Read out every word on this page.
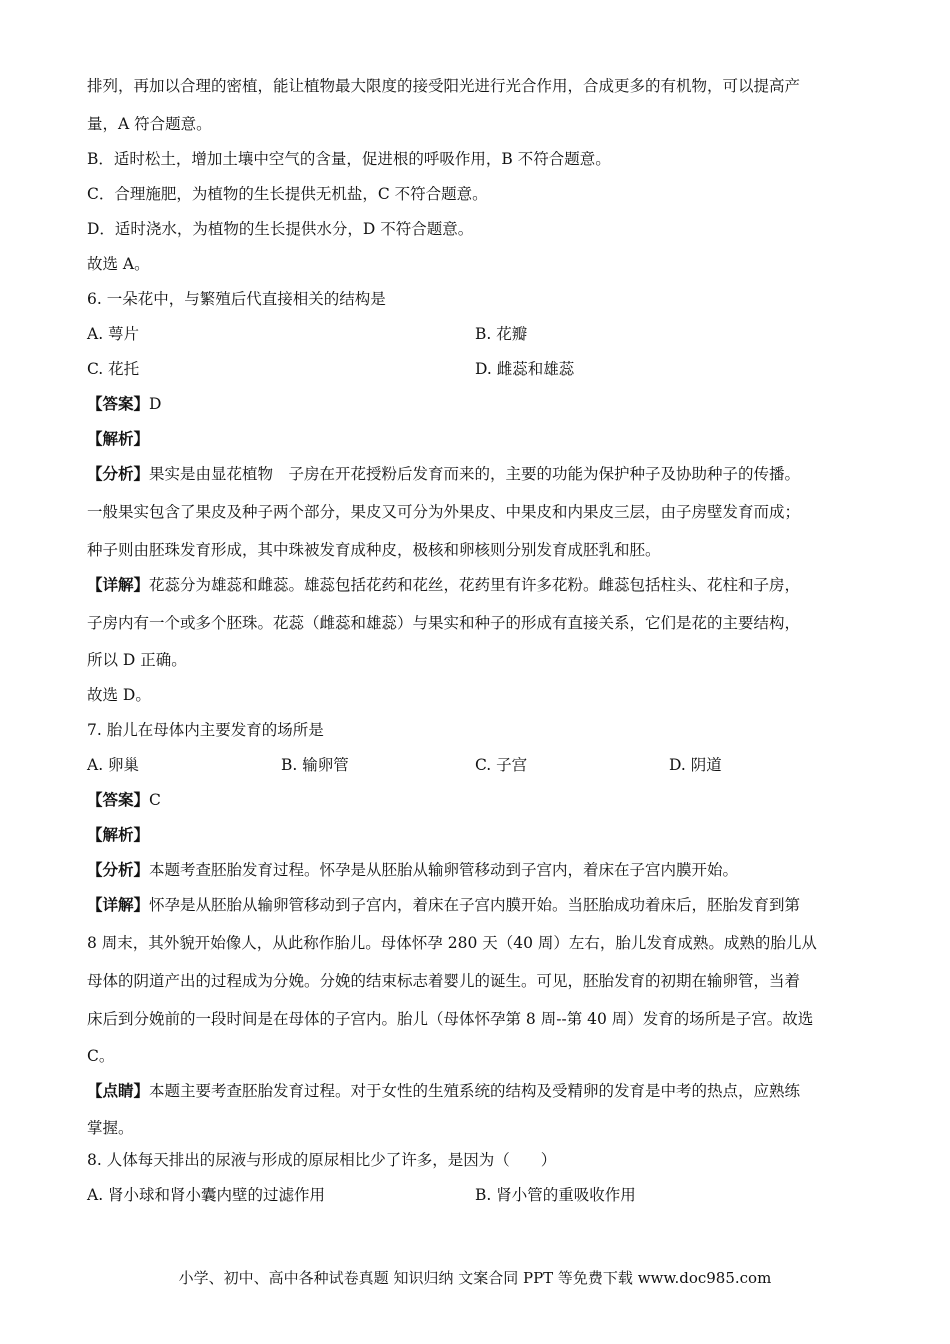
排列，再加以合理的密植，能让植物最大限度的接受阳光进行光合作用，合成更多的有机物，可以提高产
量，A 符合题意。
B．适时松土，增加土壤中空气的含量，促进根的呼吸作用，B 不符合题意。
C．合理施肥，为植物的生长提供无机盐，C 不符合题意。
D．适时浇水，为植物的生长提供水分，D 不符合题意。
故选 A。
6. 一朵花中，与繁殖后代直接相关的结构是
A. 萼片	B. 花瓣
C. 花托	D. 雌蕊和雄蕊
【答案】D
【解析】
【分析】果实是由显花植物　子房在开花授粉后发育而来的，主要的功能为保护种子及协助种子的传播。
一般果实包含了果皮及种子两个部分，果皮又可分为外果皮、中果皮和内果皮三层，由子房壁发育而成；
种子则由胚珠发育形成，其中珠被发育成种皮，极核和卵核则分别发育成胚乳和胚。
【详解】花蕊分为雄蕊和雌蕊。雄蕊包括花药和花丝，花药里有许多花粉。雌蕊包括柱头、花柱和子房，
子房内有一个或多个胚珠。花蕊（雌蕊和雄蕊）与果实和种子的形成有直接关系，它们是花的主要结构，
所以 D 正确。
故选 D。
7. 胎儿在母体内主要发育的场所是
A. 卵巢	B. 输卵管	C. 子宫	D. 阴道
【答案】C
【解析】
【分析】本题考查胚胎发育过程。怀孕是从胚胎从输卵管移动到子宫内，着床在子宫内膜开始。
【详解】怀孕是从胚胎从输卵管移动到子宫内，着床在子宫内膜开始。当胚胎成功着床后，胚胎发育到第
8 周末，其外貌开始像人，从此称作胎儿。母体怀孕 280 天（40 周）左右，胎儿发育成熟。成熟的胎儿从
母体的阴道产出的过程成为分娩。分娩的结束标志着婴儿的诞生。可见，胚胎发育的初期在输卵管，当着
床后到分娩前的一段时间是在母体的子宫内。胎儿（母体怀孕第 8 周--第 40 周）发育的场所是子宫。故选
C。
【点睛】本题主要考查胚胎发育过程。对于女性的生殖系统的结构及受精卵的发育是中考的热点，应熟练
掌握。
8. 人体每天排出的尿液与形成的原尿相比少了许多，是因为（　　）
A. 肾小球和肾小囊内壁的过滤作用	B. 肾小管的重吸收作用
小学、初中、高中各种试卷真题 知识归纳 文案合同 PPT 等免费下载 www.doc985.com
